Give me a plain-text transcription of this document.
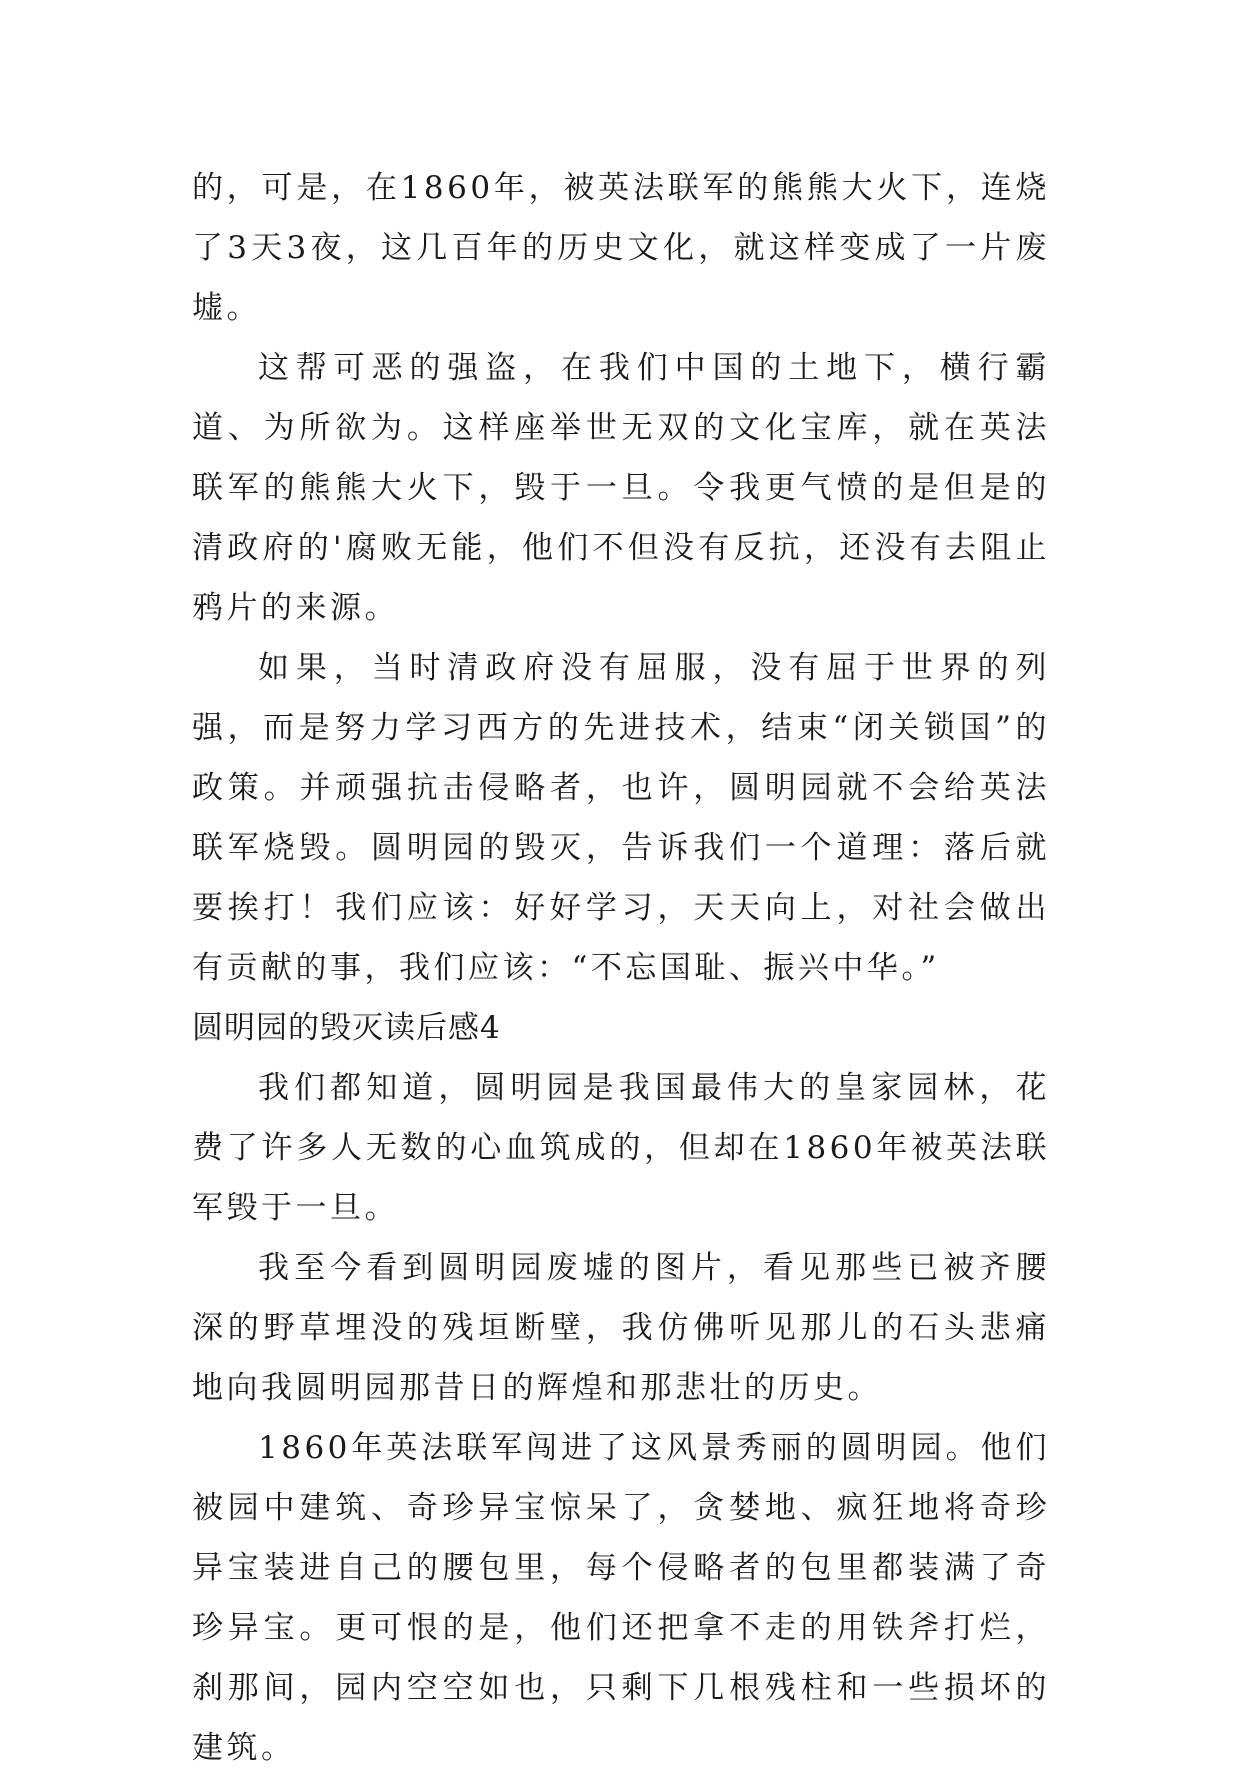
的，可是，在1860年，被英法联军的熊熊大火下，连烧了3天3夜，这几百年的历史文化，就这样变成了一片废墟。

这帮可恶的强盗，在我们中国的土地下，横行霸道、为所欲为。这样座举世无双的文化宝库，就在英法联军的熊熊大火下，毁于一旦。令我更气愤的是但是的清政府的'腐败无能，他们不但没有反抗，还没有去阻止鸦片的来源。

如果，当时清政府没有屈服，没有屈于世界的列强，而是努力学习西方的先进技术，结束“闭关锁国”的政策。并顽强抗击侵略者，也许，圆明园就不会给英法联军烧毁。圆明园的毁灭，告诉我们一个道理：落后就要挨打！我们应该：好好学习，天天向上，对社会做出有贡献的事，我们应该：“不忘国耻、振兴中华。”

圆明园的毁灭读后感4

我们都知道，圆明园是我国最伟大的皇家园林，花费了许多人无数的心血筑成的，但却在1860年被英法联军毁于一旦。

我至今看到圆明园废墟的图片，看见那些已被齐腰深的野草埋没的残垣断壁，我仿佛听见那儿的石头悲痛地向我圆明园那昔日的辉煌和那悲壮的历史。

1860年英法联军闯进了这风景秀丽的圆明园。他们被园中建筑、奇珍异宝惊呆了，贪婪地、疯狂地将奇珍异宝装进自己的腰包里，每个侵略者的包里都装满了奇珍异宝。更可恨的是，他们还把拿不走的用铁斧打烂，刹那间，园内空空如也，只剩下几根残柱和一些损坏的建筑。
